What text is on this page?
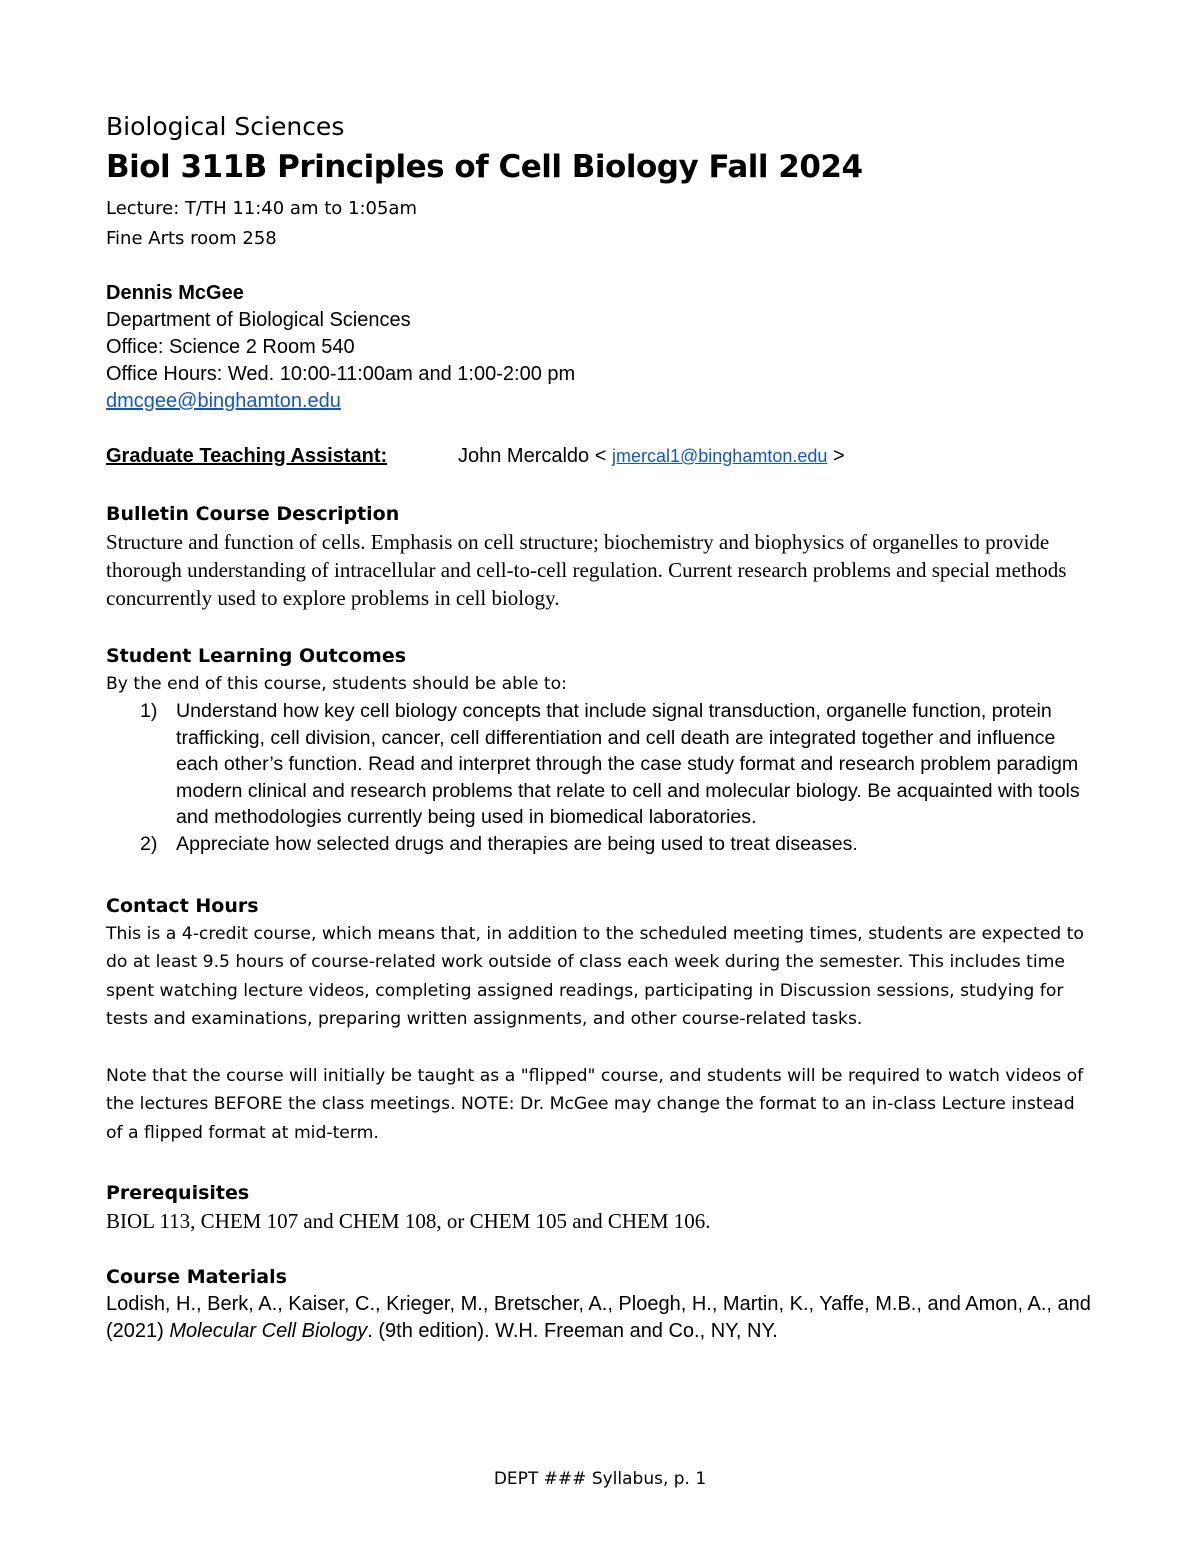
Biological Sciences

Biol 311B Principles of Cell Biology Fall 2024
Lecture: T/TH 11:40 am to 1:05am
Fine Arts room 258
Dennis McGee
Department of Biological Sciences
Office: Science 2 Room 540
Office Hours: Wed. 10:00-11:00am and 1:00-2:00 pm
dmcgee@binghamton.edu
Graduate Teaching Assistant:	John Mercaldo < jmercal1@binghamton.edu >
Bulletin Course Description
Structure and function of cells. Emphasis on cell structure; biochemistry and biophysics of organelles to provide thorough understanding of intracellular and cell-to-cell regulation. Current research problems and special methods concurrently used to explore problems in cell biology.
Student Learning Outcomes
By the end of this course, students should be able to:
1) Understand how key cell biology concepts that include signal transduction, organelle function, protein trafficking, cell division, cancer, cell differentiation and cell death are integrated together and influence each other’s function. Read and interpret through the case study format and research problem paradigm modern clinical and research problems that relate to cell and molecular biology. Be acquainted with tools and methodologies currently being used in biomedical laboratories.
2) Appreciate how selected drugs and therapies are being used to treat diseases.
Contact Hours
This is a 4-credit course, which means that, in addition to the scheduled meeting times, students are expected to do at least 9.5 hours of course-related work outside of class each week during the semester. This includes time spent watching lecture videos, completing assigned readings, participating in Discussion sessions, studying for tests and examinations, preparing written assignments, and other course-related tasks.
Note that the course will initially be taught as a "flipped" course, and students will be required to watch videos of the lectures BEFORE the class meetings. NOTE: Dr. McGee may change the format to an in-class Lecture instead of a flipped format at mid-term.
Prerequisites
BIOL 113, CHEM 107 and CHEM 108, or CHEM 105 and CHEM 106.
Course Materials
Lodish, H., Berk, A., Kaiser, C., Krieger, M., Bretscher, A., Ploegh, H., Martin, K., Yaffe, M.B., and Amon, A., and (2021) Molecular Cell Biology. (9th edition). W.H. Freeman and Co., NY, NY.
DEPT ### Syllabus, p. 1
